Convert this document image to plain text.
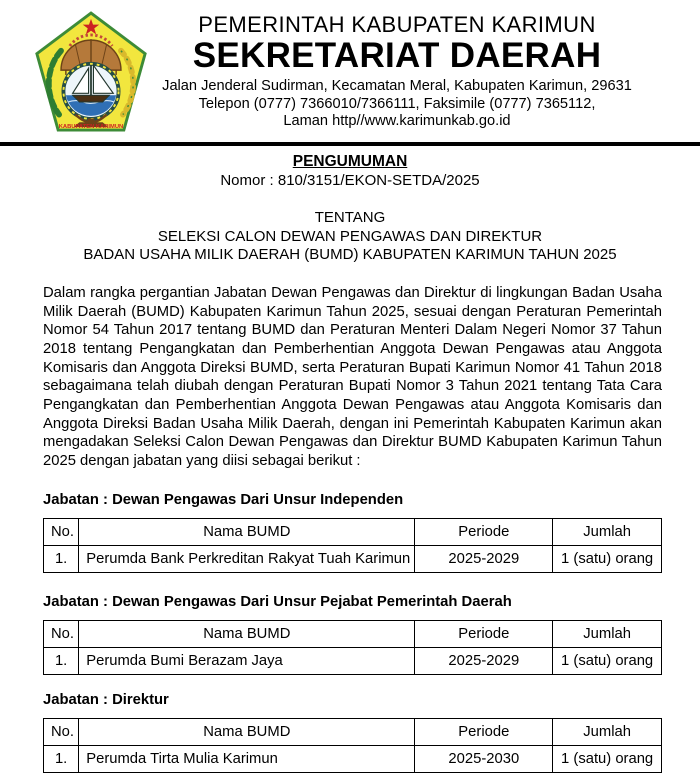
KABUPATEN KARIMUN
PEMERINTAH KABUPATEN KARIMUN
SEKRETARIAT DAERAH
Jalan Jenderal Sudirman, Kecamatan Meral, Kabupaten Karimun, 29631
Telepon (0777) 7366010/7366111, Faksimile (0777) 7365112,
Laman http//www.karimunkab.go.id
PENGUMUMAN
Nomor : 810/3151/EKON-SETDA/2025
TENTANG
SELEKSI CALON DEWAN PENGAWAS DAN DIREKTUR
BADAN USAHA MILIK DAERAH (BUMD) KABUPATEN KARIMUN TAHUN 2025
Dalam rangka pergantian Jabatan Dewan Pengawas dan Direktur di lingkungan Badan Usaha Milik Daerah (BUMD) Kabupaten Karimun Tahun 2025, sesuai dengan Peraturan Pemerintah Nomor 54 Tahun 2017 tentang BUMD dan Peraturan Menteri Dalam Negeri Nomor 37 Tahun 2018 tentang Pengangkatan dan Pemberhentian Anggota Dewan Pengawas atau Anggota Komisaris dan Anggota Direksi BUMD, serta Peraturan Bupati Karimun Nomor 41 Tahun 2018 sebagaimana telah diubah dengan Peraturan Bupati Nomor 3 Tahun 2021 tentang Tata Cara Pengangkatan dan Pemberhentian Anggota Dewan Pengawas atau Anggota Komisaris dan Anggota Direksi Badan Usaha Milik Daerah, dengan ini Pemerintah Kabupaten Karimun akan mengadakan Seleksi Calon Dewan Pengawas dan Direktur BUMD Kabupaten Karimun Tahun 2025 dengan jabatan yang diisi sebagai berikut :
Jabatan : Dewan Pengawas Dari Unsur Independen
No.	Nama BUMD	Periode	Jumlah
1.	Perumda Bank Perkreditan Rakyat Tuah Karimun	2025-2029	1 (satu) orang
Jabatan : Dewan Pengawas Dari Unsur Pejabat Pemerintah Daerah
No.	Nama BUMD	Periode	Jumlah
1.	Perumda Bumi Berazam Jaya	2025-2029	1 (satu) orang
Jabatan : Direktur
No.	Nama BUMD	Periode	Jumlah
1.	Perumda Tirta Mulia Karimun	2025-2030	1 (satu) orang
